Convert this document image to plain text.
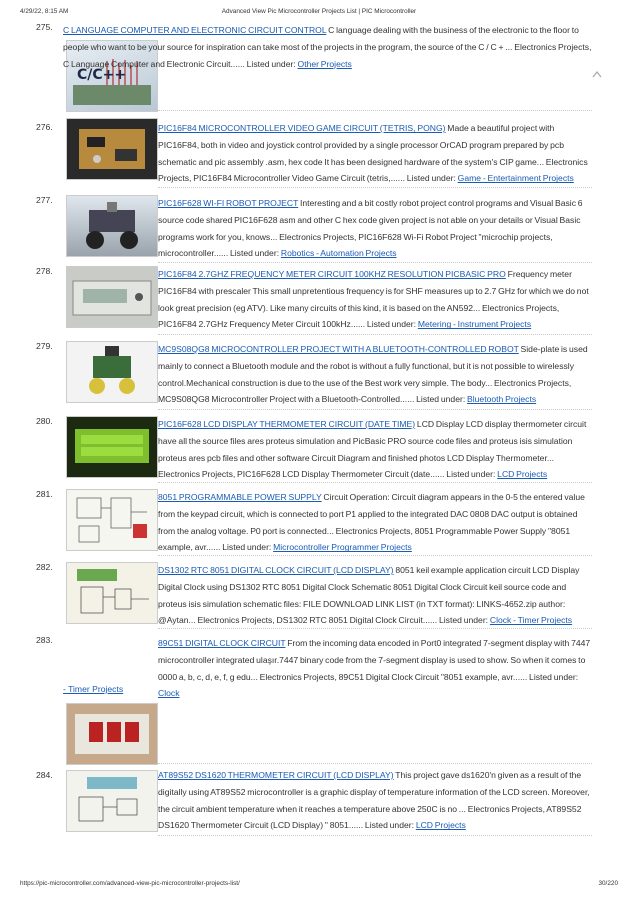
4/29/22, 8:15 AM	Advanced View Pic Microcontroller Projects List | PIC Microcontroller
275.
C/C++
C LANGUAGE COMPUTER AND ELECTRONIC CIRCUIT CONTROL C language dealing with the business of the electronic to the floor to people who want to be your source for inspiration can take most of the projects in the program, the source of the C / C + ... Electronics Projects, C Language Computer and Electronic Circuit...... Listed under: Other Projects
276.	PIC16F84 MICROCONTROLLER VIDEO GAME CIRCUIT (TETRIS, PONG) Made a beautiful project with PIC16F84, both in video and joystick control provided by a single processor OrCAD program prepared by pcb schematic and pic assembly .asm, hex code It has been designed hardware of the system's CIP game... Electronics Projects, PIC16F84 Microcontroller Video Game Circuit (tetris,...... Listed under: Game - Entertainment Projects
277.	PIC16F628 WI-FI ROBOT PROJECT Interesting and a bit costly robot project control programs and Visual Basic 6 source code shared PIC16F628 asm and other C hex code given project is not able on your details or Visual Basic programs work for you, knows... Electronics Projects, PIC16F628 Wi-Fi Robot Project "microchip projects, microcontroller...... Listed under: Robotics - Automation Projects
278.	PIC16F84 2.7GHZ FREQUENCY METER CIRCUIT 100KHZ RESOLUTION PICBASIC PRO Frequency meter PIC16F84 with prescaler This small unpretentious frequency is for SHF measures up to 2.7 GHz for which we do not look great precision (eg ATV). Like many circuits of this kind, it is based on the AN592... Electronics Projects, PIC16F84 2.7GHz Frequency Meter Circuit 100kHz...... Listed under: Metering - Instrument Projects
279.	MC9S08QG8 MICROCONTROLLER PROJECT WITH A BLUETOOTH-CONTROLLED ROBOT Side-plate is used mainly to connect a Bluetooth module and the robot is without a fully functional, but it is not possible to wirelessly control.Mechanical construction is due to the use of the Best work very simple. The body... Electronics Projects, MC9S08QG8 Microcontroller Project with a Bluetooth-Controlled...... Listed under: Bluetooth Projects
280.	PIC16F628 LCD DISPLAY THERMOMETER CIRCUIT (DATE TIME) LCD Display LCD display thermometer circuit have all the source files ares proteus simulation and PicBasic PRO source code files and proteus isis simulation proteus ares pcb files and other software Circuit Diagram and finished photos LCD Display Thermometer... Electronics Projects, PIC16F628 LCD Display Thermometer Circuit (date...... Listed under: LCD Projects
281.	8051 PROGRAMMABLE POWER SUPPLY Circuit Operation: Circuit diagram appears in the 0-5 the entered value from the keypad circuit, which is connected to port P1 applied to the integrated DAC 0808 DAC output is obtained from the analog voltage. P0 port is connected... Electronics Projects, 8051 Programmable Power Supply "8051 example, avr...... Listed under: Microcontroller Programmer Projects
282.	DS1302 RTC 8051 DIGITAL CLOCK CIRCUIT (LCD DISPLAY) 8051 keil example application circuit LCD Display Digital Clock using DS1302 RTC 8051 Digital Clock Schematic 8051 Digital Clock Circuit keil source code and proteus isis simulation schematic files: FILE DOWNLOAD LINK LIST (in TXT format): LINKS-4652.zip author: @Aytan... Electronics Projects, DS1302 RTC 8051 Digital Clock Circuit...... Listed under: Clock - Timer Projects
283.	89C51 DIGITAL CLOCK CIRCUIT From the incoming data encoded in Port0 integrated 7-segment display with 7447 microcontroller integrated ulaşır.7447 binary code from the 7-segment display is used to show. So when it comes to 0000 a, b, c, d, e, f, g edu... Electronics Projects, 89C51 Digital Clock Circuit "8051 example, avr...... Listed under: Clock
- Timer Projects
284.	AT89S52 DS1620 THERMOMETER CIRCUIT (LCD DISPLAY) This project gave ds1620'n given as a result of the digitally using AT89S52 microcontroller is a graphic display of temperature information of the LCD screen. Moreover, the circuit ambient temperature when it reaches a temperature above 250C is no ... Electronics Projects, AT89S52 DS1620 Thermometer Circuit (LCD Display) " 8051...... Listed under: LCD Projects
https://pic-microcontroller.com/advanced-view-pic-microcontroller-projects-list/	30/220
